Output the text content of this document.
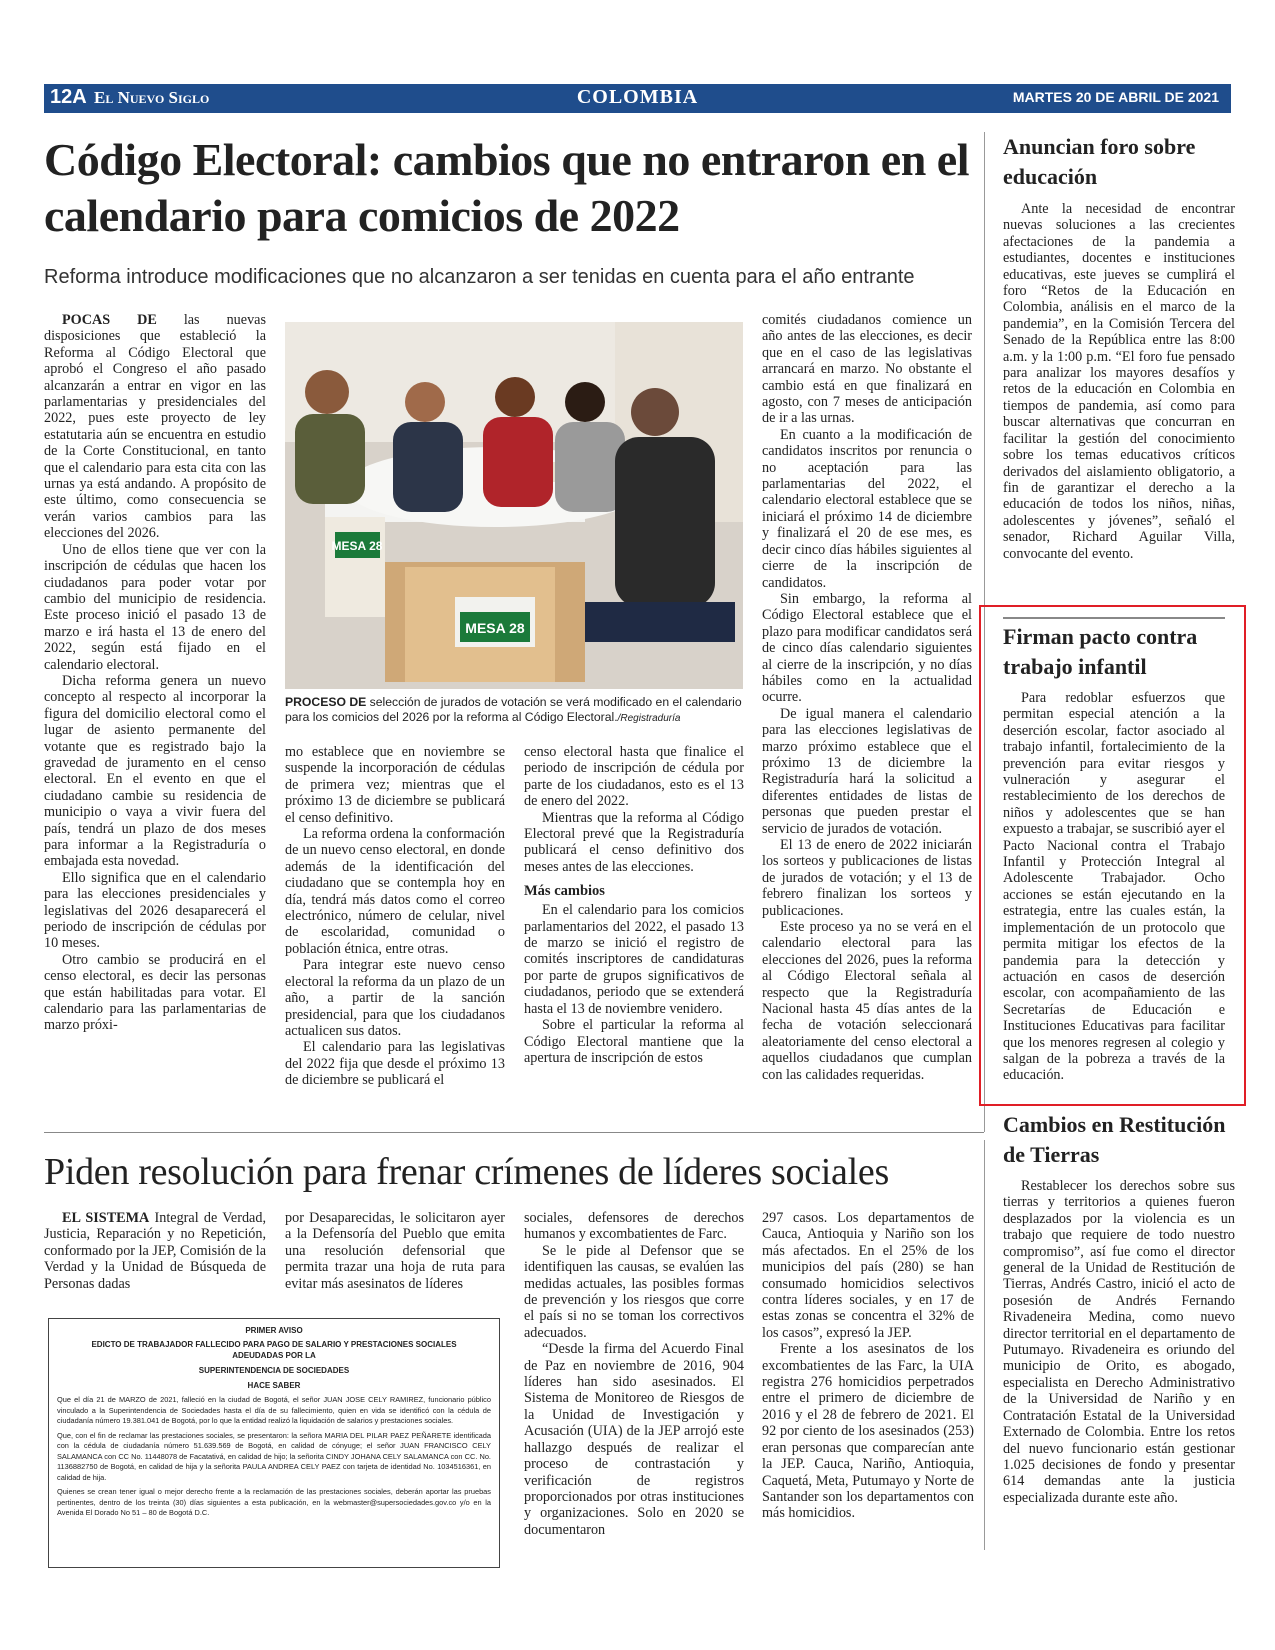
12A El Nuevo Siglo	COLOMBIA	MARTES 20 DE ABRIL DE 2021
Código Electoral: cambios que no entraron en el calendario para comicios de 2022
Reforma introduce modificaciones que no alcanzaron a ser tenidas en cuenta para el año entrante

POCAS DE las nuevas disposiciones que estableció la Reforma al Código Electoral que aprobó el Congreso el año pasado alcanzarán a entrar en vigor en las parlamentarias y presidenciales del 2022, pues este proyecto de ley estatutaria aún se encuentra en estudio de la Corte Constitucional, en tanto que el calendario para esta cita con las urnas ya está andando. A propósito de este último, como consecuencia se verán varios cambios para las elecciones del 2026.

Uno de ellos tiene que ver con la inscripción de cédulas que hacen los ciudadanos para poder votar por cambio del municipio de residencia. Este proceso inició el pasado 13 de marzo e irá hasta el 13 de enero del 2022, según está fijado en el calendario electoral.

Dicha reforma genera un nuevo concepto al respecto al incorporar la figura del domicilio electoral como el lugar de asiento permanente del votante que es registrado bajo la gravedad de juramento en el censo electoral. En el evento en que el ciudadano cambie su residencia de municipio o vaya a vivir fuera del país, tendrá un plazo de dos meses para informar a la Registraduría o embajada esta novedad.

Ello significa que en el calendario para las elecciones presidenciales y legislativas del 2026 desaparecerá el periodo de inscripción de cédulas por 10 meses.

Otro cambio se producirá en el censo electoral, es decir las personas que están habilitadas para votar. El calendario para las parlamentarias de marzo próxi-

MESA 28
MESA 28
PROCESO DE selección de jurados de votación se verá modificado en el calendario para los comicios del 2026 por la reforma al Código Electoral./Registraduría

mo establece que en noviembre se suspende la incorporación de cédulas de primera vez; mientras que el próximo 13 de diciembre se publicará el censo definitivo.

La reforma ordena la conformación de un nuevo censo electoral, en donde además de la identificación del ciudadano que se contempla hoy en día, tendrá más datos como el correo electrónico, número de celular, nivel de escolaridad, comunidad o población étnica, entre otras.

Para integrar este nuevo censo electoral la reforma da un plazo de un año, a partir de la sanción presidencial, para que los ciudadanos actualicen sus datos.

El calendario para las legislativas del 2022 fija que desde el próximo 13 de diciembre se publicará el

censo electoral hasta que finalice el periodo de inscripción de cédula por parte de los ciudadanos, esto es el 13 de enero del 2022.

Mientras que la reforma al Código Electoral prevé que la Registraduría publicará el censo definitivo dos meses antes de las elecciones.

Más cambios

En el calendario para los comicios parlamentarios del 2022, el pasado 13 de marzo se inició el registro de comités inscriptores de candidaturas por parte de grupos significativos de ciudadanos, periodo que se extenderá hasta el 13 de noviembre venidero.

Sobre el particular la reforma al Código Electoral mantiene que la apertura de inscripción de estos

comités ciudadanos comience un año antes de las elecciones, es decir que en el caso de las legislativas arrancará en marzo. No obstante el cambio está en que finalizará en agosto, con 7 meses de anticipación de ir a las urnas.

En cuanto a la modificación de candidatos inscritos por renuncia o no aceptación para las parlamentarias del 2022, el calendario electoral establece que se iniciará el próximo 14 de diciembre y finalizará el 20 de ese mes, es decir cinco días hábiles siguientes al cierre de la inscripción de candidatos.

Sin embargo, la reforma al Código Electoral establece que el plazo para modificar candidatos será de cinco días calendario siguientes al cierre de la inscripción, y no días hábiles como en la actualidad ocurre.

De igual manera el calendario para las elecciones legislativas de marzo próximo establece que el próximo 13 de diciembre la Registraduría hará la solicitud a diferentes entidades de listas de personas que pueden prestar el servicio de jurados de votación.

El 13 de enero de 2022 iniciarán los sorteos y publicaciones de listas de jurados de votación; y el 13 de febrero finalizan los sorteos y publicaciones.

Este proceso ya no se verá en el calendario electoral para las elecciones del 2026, pues la reforma al Código Electoral señala al respecto que la Registraduría Nacional hasta 45 días antes de la fecha de votación seleccionará aleatoriamente del censo electoral a aquellos ciudadanos que cumplan con las calidades requeridas.

Anuncian foro sobre educación

Ante la necesidad de encontrar nuevas soluciones a las crecientes afectaciones de la pandemia a estudiantes, docentes e instituciones educativas, este jueves se cumplirá el foro “Retos de la Educación en Colombia, análisis en el marco de la pandemia”, en la Comisión Tercera del Senado de la República entre las 8:00 a.m. y la 1:00 p.m. “El foro fue pensado para analizar los mayores desafíos y retos de la educación en Colombia en tiempos de pandemia, así como para buscar alternativas que concurran en facilitar la gestión del conocimiento sobre los temas educativos críticos derivados del aislamiento obligatorio, a fin de garantizar el derecho a la educación de todos los niños, niñas, adolescentes y jóvenes”, señaló el senador, Richard Aguilar Villa, convocante del evento.

Firman pacto contra trabajo infantil

Para redoblar esfuerzos que permitan especial atención a la deserción escolar, factor asociado al trabajo infantil, fortalecimiento de la prevención para evitar riesgos y vulneración y asegurar el restablecimiento de los derechos de niños y adolescentes que se han expuesto a trabajar, se suscribió ayer el Pacto Nacional contra el Trabajo Infantil y Protección Integral al Adolescente Trabajador. Ocho acciones se están ejecutando en la estrategia, entre las cuales están, la implementación de un protocolo que permita mitigar los efectos de la pandemia para la detección y actuación en casos de deserción escolar, con acompañamiento de las Secretarías de Educación e Instituciones Educativas para facilitar que los menores regresen al colegio y salgan de la pobreza a través de la educación.

Cambios en Restitución de Tierras

Restablecer los derechos sobre sus tierras y territorios a quienes fueron desplazados por la violencia es un trabajo que requiere de todo nuestro compromiso”, así fue como el director general de la Unidad de Restitución de Tierras, Andrés Castro, inició el acto de posesión de Andrés Fernando Rivadeneira Medina, como nuevo director territorial en el departamento de Putumayo. Rivadeneira es oriundo del municipio de Orito, es abogado, especialista en Derecho Administrativo de la Universidad de Nariño y en Contratación Estatal de la Universidad Externado de Colombia. Entre los retos del nuevo funcionario están gestionar 1.025 decisiones de fondo y presentar 614 demandas ante la justicia especializada durante este año.

Piden resolución para frenar crímenes de líderes sociales

EL SISTEMA Integral de Verdad, Justicia, Reparación y no Repetición, conformado por la JEP, Comisión de la Verdad y la Unidad de Búsqueda de Personas dadas

por Desaparecidas, le solicitaron ayer a la Defensoría del Pueblo que emita una resolución defensorial que permita trazar una hoja de ruta para evitar más asesinatos de líderes

sociales, defensores de derechos humanos y excombatientes de Farc.

Se le pide al Defensor que se identifiquen las causas, se evalúen las medidas actuales, las posibles formas de prevención y los riesgos que corre el país si no se toman los correctivos adecuados.

“Desde la firma del Acuerdo Final de Paz en noviembre de 2016, 904 líderes han sido asesinados. El Sistema de Monitoreo de Riesgos de la Unidad de Investigación y Acusación (UIA) de la JEP arrojó este hallazgo después de realizar el proceso de contrastación y verificación de registros proporcionados por otras instituciones y organizaciones. Solo en 2020 se documentaron

297 casos. Los departamentos de Cauca, Antioquia y Nariño son los más afectados. En el 25% de los municipios del país (280) se han consumado homicidios selectivos contra líderes sociales, y en 17 de estas zonas se concentra el 32% de los casos”, expresó la JEP.

Frente a los asesinatos de los excombatientes de las Farc, la UIA registra 276 homicidios perpetrados entre el primero de diciembre de 2016 y el 28 de febrero de 2021. El 92 por ciento de los asesinados (253) eran personas que comparecían ante la JEP. Cauca, Nariño, Antioquia, Caquetá, Meta, Putumayo y Norte de Santander son los departamentos con más homicidios.

PRIMER AVISO
EDICTO DE TRABAJADOR FALLECIDO PARA PAGO DE SALARIO Y PRESTACIONES SOCIALES ADEUDADAS POR LA
SUPERINTENDENCIA DE SOCIEDADES
HACE SABER

Que el día 21 de MARZO de 2021, falleció en la ciudad de Bogotá, el señor JUAN JOSE CELY RAMIREZ, funcionario público vinculado a la Superintendencia de Sociedades hasta el día de su fallecimiento, quien en vida se identificó con la cédula de ciudadanía número 19.381.041 de Bogotá, por lo que la entidad realizó la liquidación de salarios y prestaciones sociales.

Que, con el fin de reclamar las prestaciones sociales, se presentaron: la señora MARIA DEL PILAR PAEZ PEÑARETE identificada con la cédula de ciudadanía número 51.639.569 de Bogotá, en calidad de cónyuge; el señor JUAN FRANCISCO CELY SALAMANCA con CC No. 11448078 de Facatativá, en calidad de hijo; la señorita CINDY JOHANA CELY SALAMANCA con CC. No. 1136882750 de Bogotá, en calidad de hija y la señorita PAULA ANDREA CELY PAEZ con tarjeta de identidad No. 1034516361, en calidad de hija.

Quienes se crean tener igual o mejor derecho frente a la reclamación de las prestaciones sociales, deberán aportar las pruebas pertinentes, dentro de los treinta (30) días siguientes a esta publicación, en la webmaster@supersociedades.gov.co y/o en la Avenida El Dorado No 51 – 80 de Bogotá D.C.
